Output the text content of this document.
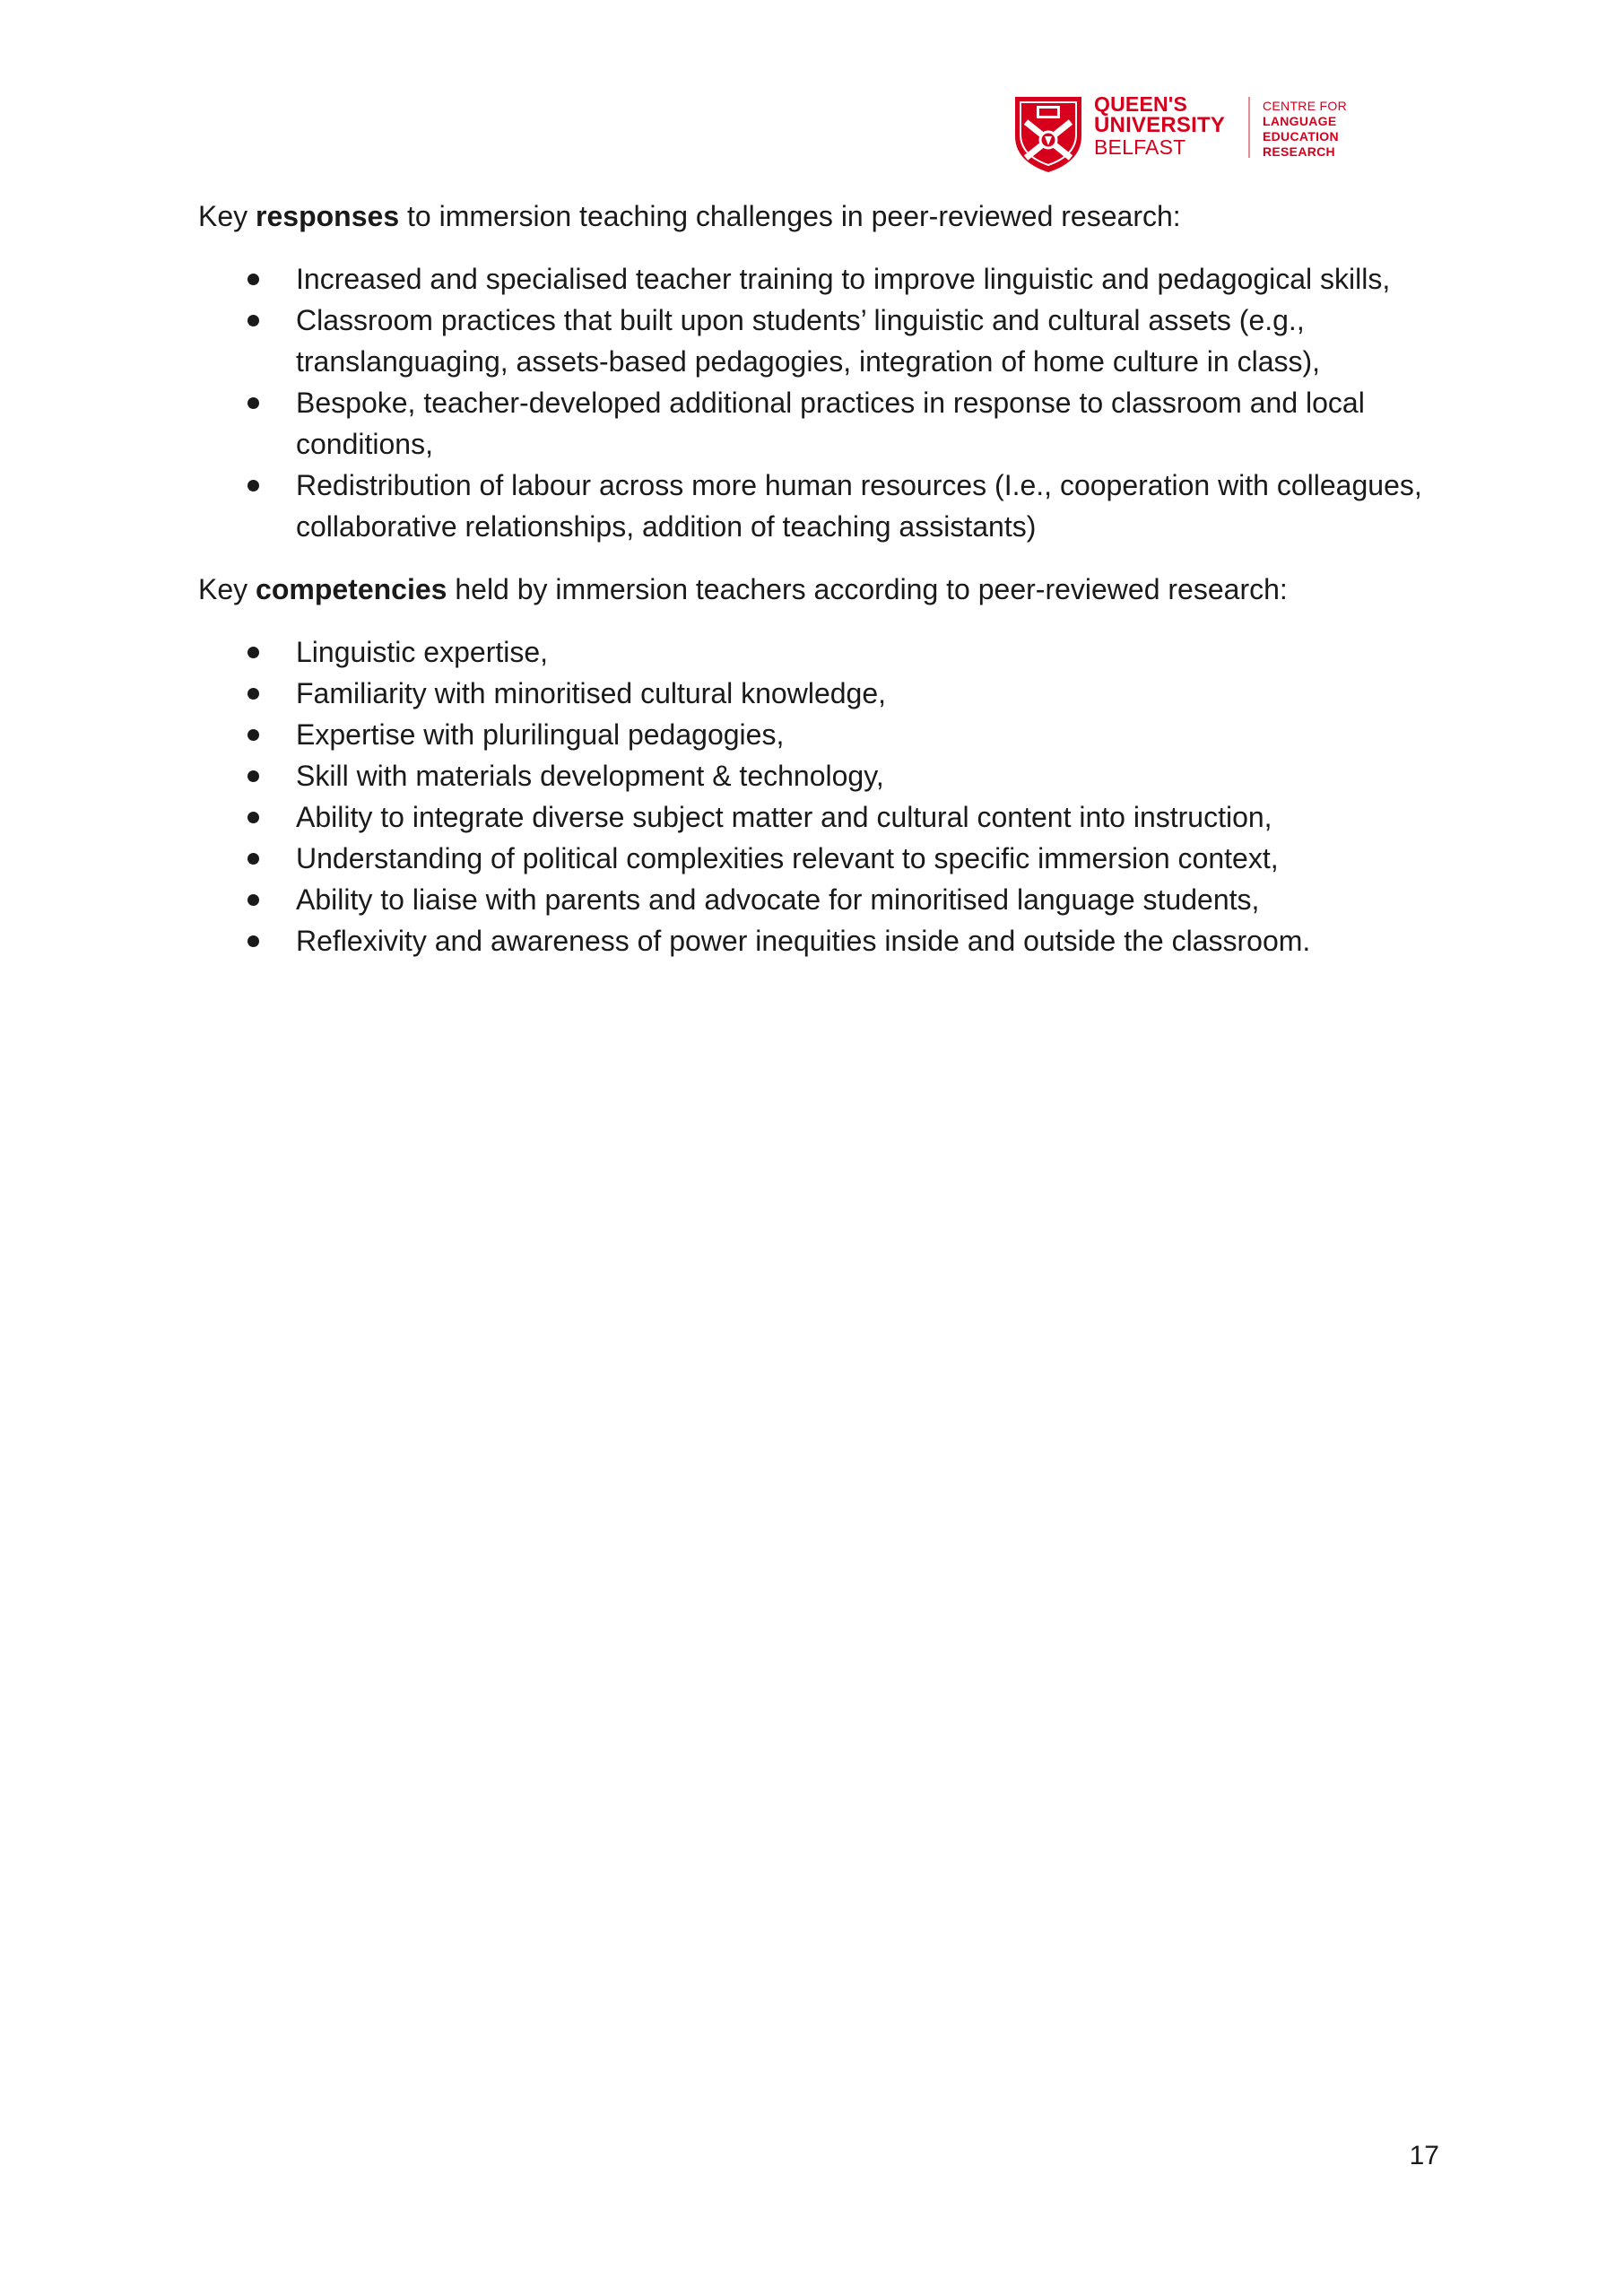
QUEEN'S
UNIVERSITY
BELFAST
CENTRE FOR
LANGUAGE
EDUCATION
RESEARCH

Key responses to immersion teaching challenges in peer-reviewed research:

Increased and specialised teacher training to improve linguistic and pedagogical skills,
Classroom practices that built upon students’ linguistic and cultural assets (e.g., translanguaging, assets-based pedagogies, integration of home culture in class),
Bespoke, teacher-developed additional practices in response to classroom and local conditions,
Redistribution of labour across more human resources (I.e., cooperation with colleagues, collaborative relationships, addition of teaching assistants)

Key competencies held by immersion teachers according to peer-reviewed research:

Linguistic expertise,
Familiarity with minoritised cultural knowledge,
Expertise with plurilingual pedagogies,
Skill with materials development & technology,
Ability to integrate diverse subject matter and cultural content into instruction,
Understanding of political complexities relevant to specific immersion context,
Ability to liaise with parents and advocate for minoritised language students,
Reflexivity and awareness of power inequities inside and outside the classroom.
17
